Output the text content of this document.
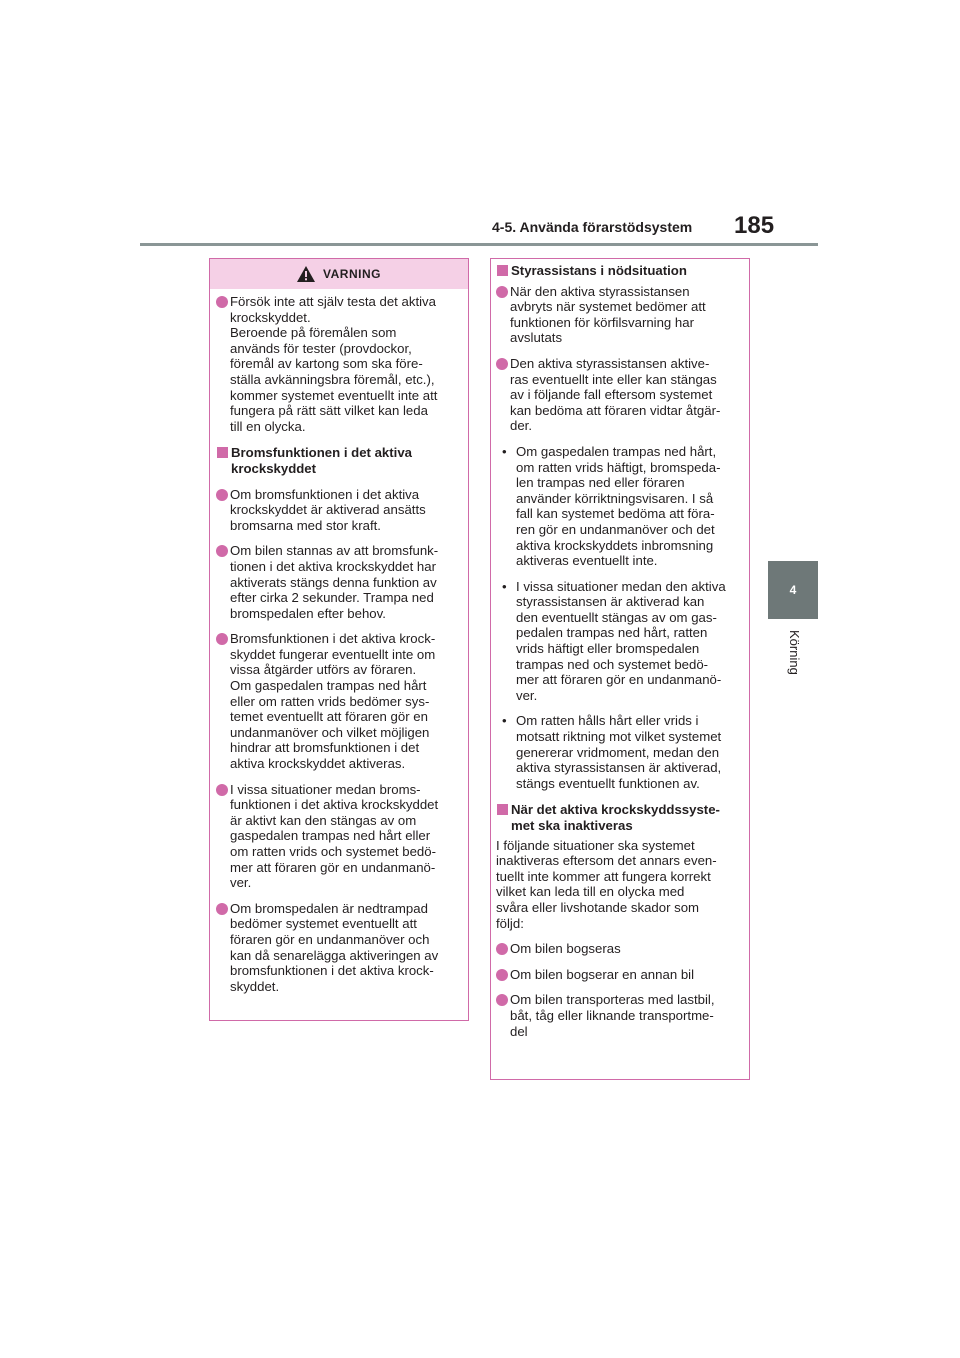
4-5. Använda förarstödsystem 185
4
Körning
VARNING
Försök inte att själv testa det aktiva
krockskyddet.
Beroende på föremålen som
används för tester (provdockor,
föremål av kartong som ska före-
ställa avkänningsbra föremål, etc.),
kommer systemet eventuellt inte att
fungera på rätt sätt vilket kan leda
till en olycka.
Bromsfunktionen i det aktiva
krockskyddet
Om bromsfunktionen i det aktiva
krockskyddet är aktiverad ansätts
bromsarna med stor kraft.
Om bilen stannas av att bromsfunk-
tionen i det aktiva krockskyddet har
aktiverats stängs denna funktion av
efter cirka 2 sekunder. Trampa ned
bromspedalen efter behov.
Bromsfunktionen i det aktiva krock-
skyddet fungerar eventuellt inte om
vissa åtgärder utförs av föraren.
Om gaspedalen trampas ned hårt
eller om ratten vrids bedömer sys-
temet eventuellt att föraren gör en
undanmanöver och vilket möjligen
hindrar att bromsfunktionen i det
aktiva krockskyddet aktiveras.
I vissa situationer medan broms-
funktionen i det aktiva krockskyddet
är aktivt kan den stängas av om
gaspedalen trampas ned hårt eller
om ratten vrids och systemet bedö-
mer att föraren gör en undanmanö-
ver.
Om bromspedalen är nedtrampad
bedömer systemet eventuellt att
föraren gör en undanmanöver och
kan då senarelägga aktiveringen av
bromsfunktionen i det aktiva krock-
skyddet.
Styrassistans i nödsituation
När den aktiva styrassistansen
avbryts när systemet bedömer att
funktionen för körfilsvarning har
avslutats
Den aktiva styrassistansen aktive-
ras eventuellt inte eller kan stängas
av i följande fall eftersom systemet
kan bedöma att föraren vidtar åtgär-
der.
• Om gaspedalen trampas ned hårt,
om ratten vrids häftigt, bromspeda-
len trampas ned eller föraren
använder körriktningsvisaren. I så
fall kan systemet bedöma att föra-
ren gör en undanmanöver och det
aktiva krockskyddets inbromsning
aktiveras eventuellt inte.
• I vissa situationer medan den aktiva
styrassistansen är aktiverad kan
den eventuellt stängas av om gas-
pedalen trampas ned hårt, ratten
vrids häftigt eller bromspedalen
trampas ned och systemet bedö-
mer att föraren gör en undanmanö-
ver.
• Om ratten hålls hårt eller vrids i
motsatt riktning mot vilket systemet
genererar vridmoment, medan den
aktiva styrassistansen är aktiverad,
stängs eventuellt funktionen av.
När det aktiva krockskyddssyste-
met ska inaktiveras
I följande situationer ska systemet
inaktiveras eftersom det annars even-
tuellt inte kommer att fungera korrekt
vilket kan leda till en olycka med
svåra eller livshotande skador som
följd:
Om bilen bogseras
Om bilen bogserar en annan bil
Om bilen transporteras med lastbil,
båt, tåg eller liknande transportme-
del
